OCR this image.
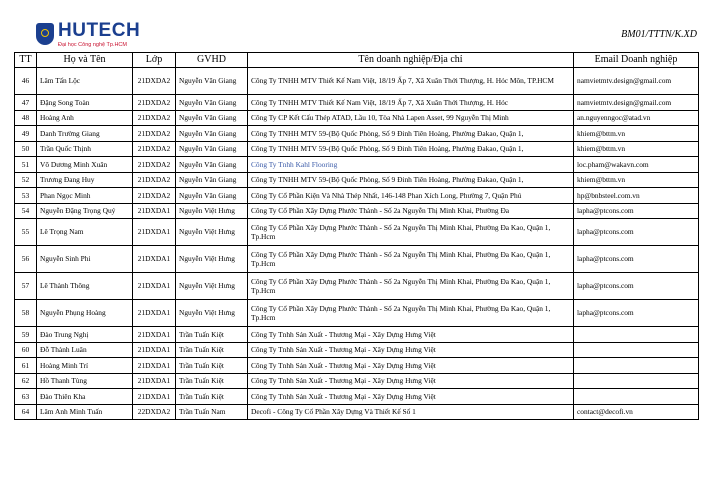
HUTECH
Đại học Công nghệ Tp.HCM
BM01/TTTN/K.XD
TT	Họ và Tên	Lớp	GVHD	Tên doanh nghiệp/Địa chỉ	Email Doanh nghiệp
46	Lâm Tấn Lộc	21DXDA2	Nguyễn Văn Giang	Công Ty TNHH MTV Thiết Kế Nam Việt, 18/19 Ấp 7, Xã Xuân Thới Thượng, H. Hóc Môn, TP.HCM	namvietmtv.design@gmail.com
47	Đặng Song Toàn	21DXDA2	Nguyễn Văn Giang	Công Ty TNHH MTV Thiết Kế Nam Việt, 18/19 Ấp 7, Xã Xuân Thới Thượng, H. Hóc	namvietmtv.design@gmail.com
48	Hoàng Anh	21DXDA2	Nguyễn Văn Giang	Công Ty CP Kết Cấu Thép ATAD, Lầu 10, Tòa Nhà Lapen Asset, 99 Nguyễn Thị Minh	an.nguyenngoc@atad.vn
49	Danh Trường Giang	21DXDA2	Nguyễn Văn Giang	Công Ty TNHH MTV 59-(Bộ Quốc Phòng, Số 9 Đinh Tiên Hoàng, Phường Đakao, Quận 1,	khiem@bttm.vn
50	Trần Quốc Thịnh	21DXDA2	Nguyễn Văn Giang	Công Ty TNHH MTV 59-(Bộ Quốc Phòng, Số 9 Đinh Tiên Hoàng, Phường Đakao, Quận 1,	khiem@bttm.vn
51	Võ Dương Minh Xuân	21DXDA2	Nguyễn Văn Giang	Công Ty Tnhh Kahl Flooring	loc.pham@wakavn.com
52	Trương Đang Huy	21DXDA2	Nguyễn Văn Giang	Công Ty TNHH MTV 59-(Bộ Quốc Phòng, Số 9 Đinh Tiên Hoàng, Phường Đakao, Quận 1,	khiem@bttm.vn
53	Phan Ngọc Minh	21DXDA2	Nguyễn Văn Giang	Công Ty Cổ Phần Kiện Và Nhà Thép Nhất, 146-148 Phan Xích Long, Phường 7, Quận Phú	hp@bnbsteel.com.vn
54	Nguyễn Đặng Trọng Quý	21DXDA1	Nguyễn Việt Hưng	Công Ty Cổ Phần Xây Dựng Phước Thành - Số 2a Nguyễn Thị Minh Khai, Phường Đa	lapha@ptcons.com
55	Lê Trọng Nam	21DXDA1	Nguyễn Việt Hưng	Công Ty Cổ Phần Xây Dựng Phước Thành - Số 2a Nguyễn Thị Minh Khai, Phường Đa Kao, Quận 1, Tp.Hcm	lapha@ptcons.com
56	Nguyễn Sinh Phi	21DXDA1	Nguyễn Việt Hưng	Công Ty Cổ Phần Xây Dựng Phước Thành - Số 2a Nguyễn Thị Minh Khai, Phường Đa Kao, Quận 1, Tp.Hcm	lapha@ptcons.com
57	Lê Thành Thông	21DXDA1	Nguyễn Việt Hưng	Công Ty Cổ Phần Xây Dựng Phước Thành - Số 2a Nguyễn Thị Minh Khai, Phường Đa Kao, Quận 1, Tp.Hcm	lapha@ptcons.com
58	Nguyễn Phụng Hoàng	21DXDA1	Nguyễn Việt Hưng	Công Ty Cổ Phần Xây Dựng Phước Thành - Số 2a Nguyễn Thị Minh Khai, Phường Đa Kao, Quận 1, Tp.Hcm	lapha@ptcons.com
59	Đào Trung Nghị	21DXDA1	Trần Tuấn Kiệt	Công Ty Tnhh Sản Xuất - Thương Mại - Xây Dựng Hưng Việt	
60	Đỗ Thành Luân	21DXDA1	Trần Tuấn Kiệt	Công Ty Tnhh Sản Xuất - Thương Mại - Xây Dựng Hưng Việt	
61	Hoàng Minh Trí	21DXDA1	Trần Tuấn Kiệt	Công Ty Tnhh Sản Xuất - Thương Mại - Xây Dựng Hưng Việt	
62	Hồ Thanh Tùng	21DXDA1	Trần Tuấn Kiệt	Công Ty Tnhh Sản Xuất - Thương Mại - Xây Dựng Hưng Việt	
63	Đào Thiên Kha	21DXDA1	Trần Tuấn Kiệt	Công Ty Tnhh Sản Xuất - Thương Mại - Xây Dựng Hưng Việt	
64	Lâm Anh Minh Tuấn	22DXDA2	Trần Tuấn Nam	Decofi - Công Ty Cổ Phần Xây Dựng Và Thiết Kế Số 1	contact@decofi.vn
